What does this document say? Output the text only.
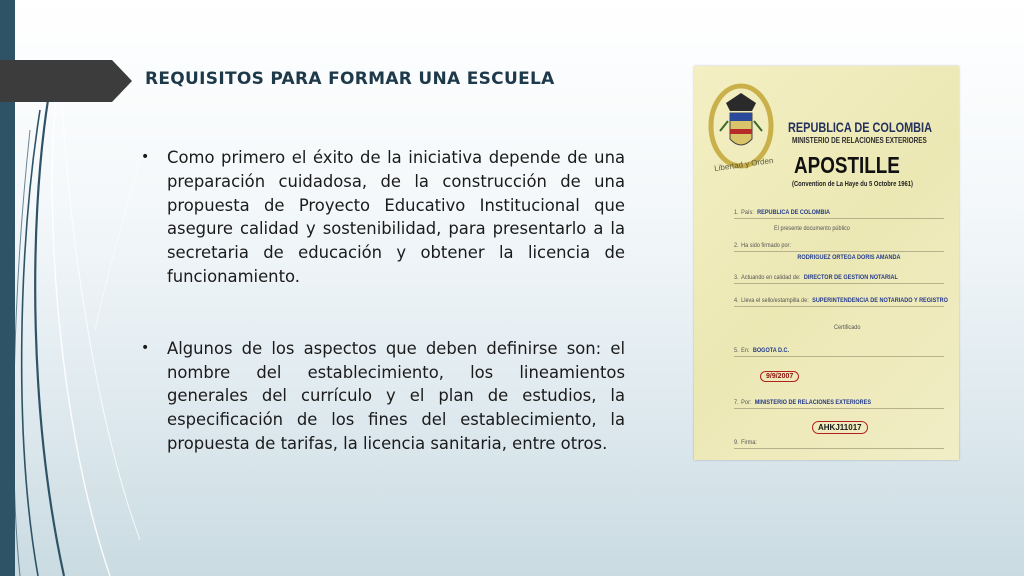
REQUISITOS PARA FORMAR UNA ESCUELA
• Como primero el éxito de la iniciativa depende de una preparación cuidadosa, de la construcción de una propuesta de Proyecto Educativo Institucional que asegure calidad y sostenibilidad, para presentarlo a la secretaria de educación y obtener la licencia de funcionamiento.
• Algunos de los aspectos que deben definirse son: el nombre del establecimiento, los lineamientos generales del currículo y el plan de estudios, la especificación de los fines del establecimiento, la propuesta de tarifas, la licencia sanitaria, entre otros.
Libertad y Orden
REPUBLICA DE COLOMBIA
MINISTERIO DE RELACIONES EXTERIORES
APOSTILLE
(Convention de La Haye du 5 Octobre 1961)
1. País: REPUBLICA DE COLOMBIA
El presente documento público
2. Ha sido firmado por:
RODRIGUEZ ORTEGA DORIS AMANDA
3. Actuando en calidad de: DIRECTOR DE GESTION NOTARIAL
4. Lleva el sello/estampilla de: SUPERINTENDENCIA DE NOTARIADO Y REGISTRO
Certificado
5. En: BOGOTA D.C.
9/9/2007
7. Por: MINISTERIO DE RELACIONES EXTERIORES
AHKJ11017
9. Firma:
